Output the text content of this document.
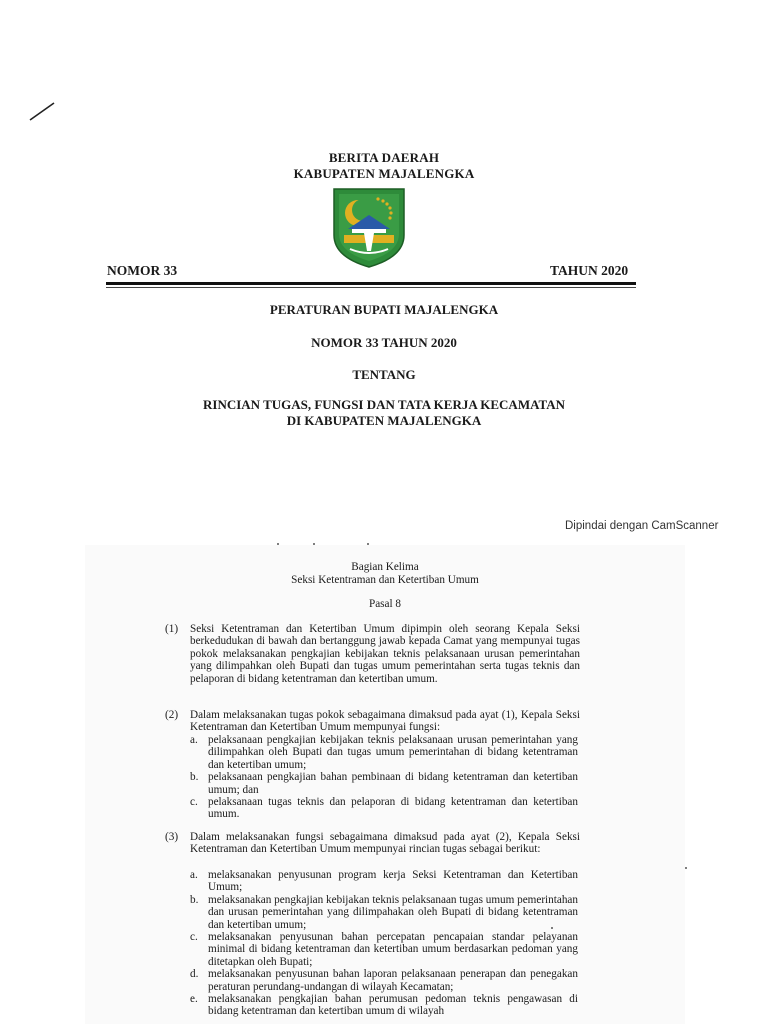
BERITA DAERAH
KABUPATEN MAJALENGKA
NOMOR 33	TAHUN 2020
PERATURAN BUPATI MAJALENGKA
NOMOR 33 TAHUN 2020
TENTANG
RINCIAN TUGAS, FUNGSI DAN TATA KERJA KECAMATAN
DI KABUPATEN MAJALENGKA
Dipindai dengan CamScanner
Bagian Kelima
Seksi Ketentraman dan Ketertiban Umum
Pasal 8
(1) Seksi Ketentraman dan Ketertiban Umum dipimpin oleh seorang Kepala Seksi berkedudukan di bawah dan bertanggung jawab kepada Camat yang mempunyai tugas pokok melaksanakan pengkajian kebijakan teknis pelaksanaan urusan pemerintahan yang dilimpahkan oleh Bupati dan tugas umum pemerintahan serta tugas teknis dan pelaporan di bidang ketentraman dan ketertiban umum.
(2) Dalam melaksanakan tugas pokok sebagaimana dimaksud pada ayat (1), Kepala Seksi Ketentraman dan Ketertiban Umum mempunyai fungsi:
a. pelaksanaan pengkajian kebijakan teknis pelaksanaan urusan pemerintahan yang dilimpahkan oleh Bupati dan tugas umum pemerintahan di bidang ketentraman dan ketertiban umum;
b. pelaksanaan pengkajian bahan pembinaan di bidang ketentraman dan ketertiban umum; dan
c. pelaksanaan tugas teknis dan pelaporan di bidang ketentraman dan ketertiban umum.
(3) Dalam melaksanakan fungsi sebagaimana dimaksud pada ayat (2), Kepala Seksi Ketentraman dan Ketertiban Umum mempunyai rincian tugas sebagai berikut:
a. melaksanakan penyusunan program kerja Seksi Ketentraman dan Ketertiban Umum;
b. melaksanakan pengkajian kebijakan teknis pelaksanaan tugas umum pemerintahan dan urusan pemerintahan yang dilimpahakan oleh Bupati di bidang ketentraman dan ketertiban umum;
c. melaksanakan penyusunan bahan percepatan pencapaian standar pelayanan minimal di bidang ketentraman dan ketertiban umum berdasarkan pedoman yang ditetapkan oleh Bupati;
d. melaksanakan penyusunan bahan laporan pelaksanaan penerapan dan penegakan peraturan perundang-undangan di wilayah Kecamatan;
e. melaksanakan pengkajian bahan perumusan pedoman teknis pengawasan di bidang ketentraman dan ketertiban umum di wilayah
